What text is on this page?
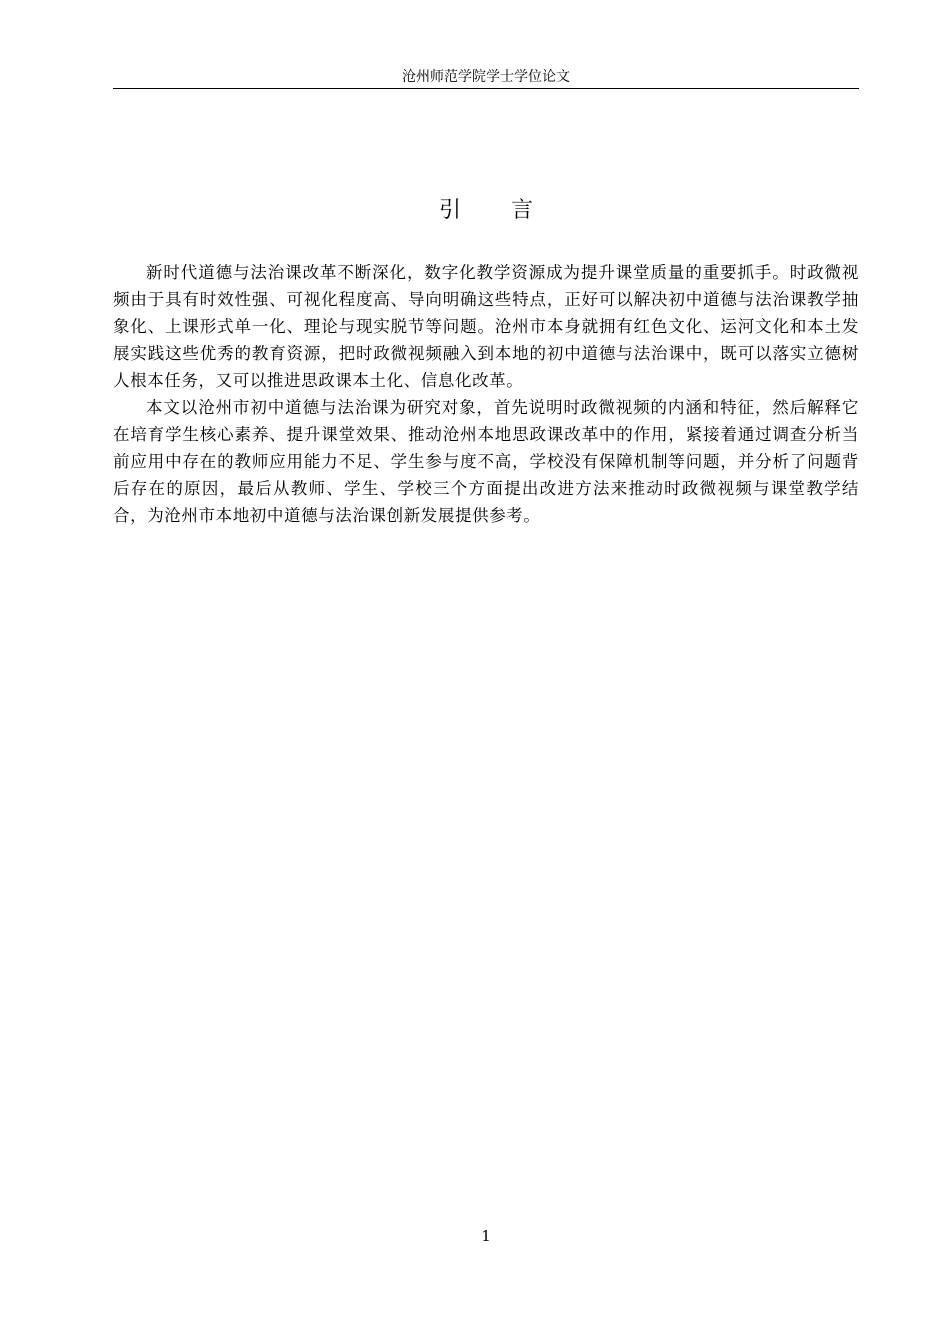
沧州师范学院学士学位论文
引 言

新时代道德与法治课改革不断深化，数字化教学资源成为提升课堂质量的重要抓手。时政微视频由于具有时效性强、可视化程度高、导向明确这些特点，正好可以解决初中道德与法治课教学抽象化、上课形式单一化、理论与现实脱节等问题。沧州市本身就拥有红色文化、运河文化和本土发展实践这些优秀的教育资源，把时政微视频融入到本地的初中道德与法治课中，既可以落实立德树人根本任务，又可以推进思政课本土化、信息化改革。

本文以沧州市初中道德与法治课为研究对象，首先说明时政微视频的内涵和特征，然后解释它在培育学生核心素养、提升课堂效果、推动沧州本地思政课改革中的作用，紧接着通过调查分析当前应用中存在的教师应用能力不足、学生参与度不高，学校没有保障机制等问题，并分析了问题背后存在的原因，最后从教师、学生、学校三个方面提出改进方法来推动时政微视频与课堂教学结合，为沧州市本地初中道德与法治课创新发展提供参考。

1
